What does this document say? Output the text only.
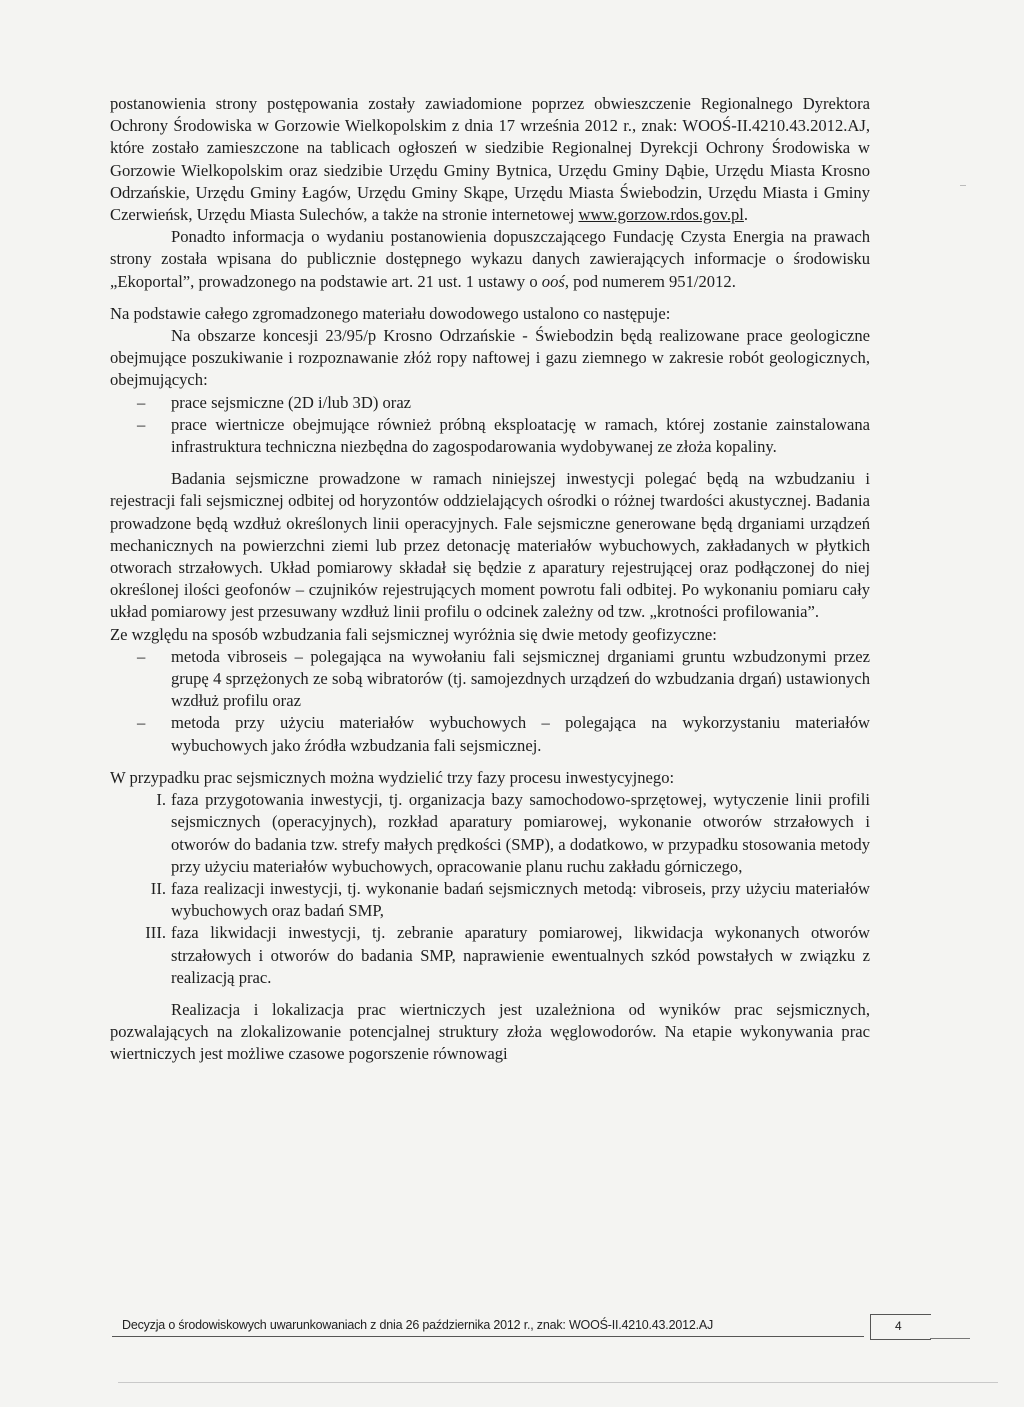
postanowienia strony postępowania zostały zawiadomione poprzez obwieszczenie Regionalnego Dyrektora Ochrony Środowiska w Gorzowie Wielkopolskim z dnia 17 września 2012 r., znak: WOOŚ-II.4210.43.2012.AJ, które zostało zamieszczone na tablicach ogłoszeń w siedzibie Regionalnej Dyrekcji Ochrony Środowiska w Gorzowie Wielkopolskim oraz siedzibie Urzędu Gminy Bytnica, Urzędu Gminy Dąbie, Urzędu Miasta Krosno Odrzańskie, Urzędu Gminy Łagów, Urzędu Gminy Skąpe, Urzędu Miasta Świebodzin, Urzędu Miasta i Gminy Czerwieńsk, Urzędu Miasta Sulechów, a także na stronie internetowej www.gorzow.rdos.gov.pl.

Ponadto informacja o wydaniu postanowienia dopuszczającego Fundację Czysta Energia na prawach strony została wpisana do publicznie dostępnego wykazu danych zawierających informacje o środowisku „Ekoportal”, prowadzonego na podstawie art. 21 ust. 1 ustawy o ooś, pod numerem 951/2012.

Na podstawie całego zgromadzonego materiału dowodowego ustalono co następuje:

Na obszarze koncesji 23/95/p Krosno Odrzańskie - Świebodzin będą realizowane prace geologiczne obejmujące poszukiwanie i rozpoznawanie złóż ropy naftowej i gazu ziemnego w zakresie robót geologicznych, obejmujących:

– prace sejsmiczne (2D i/lub 3D) oraz
– prace wiertnicze obejmujące również próbną eksploatację w ramach, której zostanie zainstalowana infrastruktura techniczna niezbędna do zagospodarowania wydobywanej ze złoża kopaliny.

Badania sejsmiczne prowadzone w ramach niniejszej inwestycji polegać będą na wzbudzaniu i rejestracji fali sejsmicznej odbitej od horyzontów oddzielających ośrodki o różnej twardości akustycznej. Badania prowadzone będą wzdłuż określonych linii operacyjnych. Fale sejsmiczne generowane będą drganiami urządzeń mechanicznych na powierzchni ziemi lub przez detonację materiałów wybuchowych, zakładanych w płytkich otworach strzałowych. Układ pomiarowy składał się będzie z aparatury rejestrującej oraz podłączonej do niej określonej ilości geofonów – czujników rejestrujących moment powrotu fali odbitej. Po wykonaniu pomiaru cały układ pomiarowy jest przesuwany wzdłuż linii profilu o odcinek zależny od tzw. „krotności profilowania”.

Ze względu na sposób wzbudzania fali sejsmicznej wyróżnia się dwie metody geofizyczne:

– metoda vibroseis – polegająca na wywołaniu fali sejsmicznej drganiami gruntu wzbudzonymi przez grupę 4 sprzężonych ze sobą wibratorów (tj. samojezdnych urządzeń do wzbudzania drgań) ustawionych wzdłuż profilu oraz
– metoda przy użyciu materiałów wybuchowych – polegająca na wykorzystaniu materiałów wybuchowych jako źródła wzbudzania fali sejsmicznej.

W przypadku prac sejsmicznych można wydzielić trzy fazy procesu inwestycyjnego:

I. faza przygotowania inwestycji, tj. organizacja bazy samochodowo-sprzętowej, wytyczenie linii profili sejsmicznych (operacyjnych), rozkład aparatury pomiarowej, wykonanie otworów strzałowych i otworów do badania tzw. strefy małych prędkości (SMP), a dodatkowo, w przypadku stosowania metody przy użyciu materiałów wybuchowych, opracowanie planu ruchu zakładu górniczego,
II. faza realizacji inwestycji, tj. wykonanie badań sejsmicznych metodą: vibroseis, przy użyciu materiałów wybuchowych oraz badań SMP,
III. faza likwidacji inwestycji, tj. zebranie aparatury pomiarowej, likwidacja wykonanych otworów strzałowych i otworów do badania SMP, naprawienie ewentualnych szkód powstałych w związku z realizacją prac.

Realizacja i lokalizacja prac wiertniczych jest uzależniona od wyników prac sejsmicznych, pozwalających na zlokalizowanie potencjalnej struktury złoża węglowodorów. Na etapie wykonywania prac wiertniczych jest możliwe czasowe pogorszenie równowagi

Decyzja o środowiskowych uwarunkowaniach z dnia 26 października 2012 r., znak: WOOŚ-II.4210.43.2012.AJ	4
